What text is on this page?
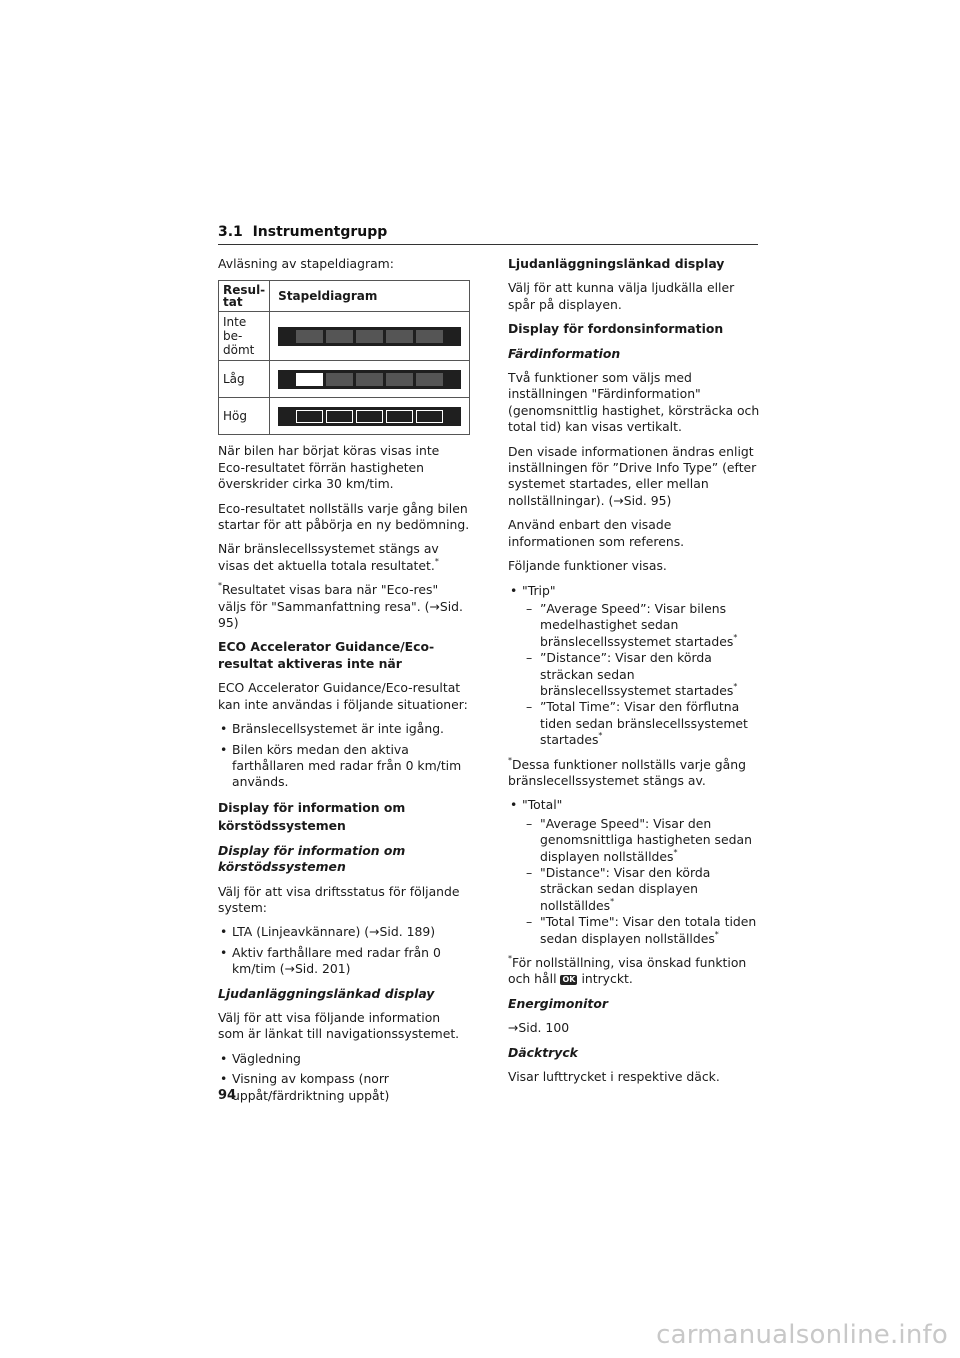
3.1 Instrumentgrupp

Avläsning av stapeldiagram:

Resul-
tat	Stapeldiagram
Inte
be-
dömt	

Låg	

Hög	

När bilen har börjat köras visas inte Eco-resultatet förrän hastigheten överskrider cirka 30 km/tim.

Eco-resultatet nollställs varje gång bilen startar för att påbörja en ny bedömning.

När bränslecellssystemet stängs av visas det aktuella totala resultatet.*

*Resultatet visas bara när "Eco-res" väljs för "Sammanfattning resa". (→Sid. 95)

ECO Accelerator Guidance/Eco-resultat aktiveras inte när

ECO Accelerator Guidance/Eco-resultat kan inte användas i följande situationer:

• Bränslecellsystemet är inte igång.
• Bilen körs medan den aktiva farthållaren med radar från 0 km/tim används.
Display för information om körstödssystemen
Display för information om körstödssystemen

Välj för att visa driftsstatus för följande system:

• LTA (Linjeavkännare) (→Sid. 189)
• Aktiv farthållare med radar från 0 km/tim (→Sid. 201)
Ljudanläggningslänkad display

Välj för att visa följande information som är länkat till navigationssystemet.

• Vägledning
• Visning av kompass (norr uppåt/färdriktning uppåt)
Ljudanläggningslänkad display

Välj för att kunna välja ljudkälla eller spår på displayen.

Display för fordonsinformation
Färdinformation

Två funktioner som väljs med inställningen "Färdinformation" (genomsnittlig hastighet, körsträcka och total tid) kan visas vertikalt.

Den visade informationen ändras enligt inställningen för ”Drive Info Type” (efter systemet startades, eller mellan nollställningar). (→Sid. 95)

Använd enbart den visade informationen som referens.

Följande funktioner visas.

• "Trip"
– ”Average Speed”: Visar bilens medelhastighet sedan bränslecellssystemet startades*
– ”Distance”: Visar den körda sträckan sedan bränslecellssystemet startades*
– ”Total Time”: Visar den förflutna tiden sedan bränslecellssystemet startades*

*Dessa funktioner nollställs varje gång bränslecellssystemet stängs av.

• "Total"
– "Average Speed": Visar den genomsnittliga hastigheten sedan displayen nollställdes*
– "Distance": Visar den körda sträckan sedan displayen nollställdes*
– "Total Time": Visar den totala tiden sedan displayen nollställdes*

*För nollställning, visa önskad funktion och håll OK intryckt.

Energimonitor

→Sid. 100

Däcktryck

Visar lufttrycket i respektive däck.

94
carmanualsonline.info
